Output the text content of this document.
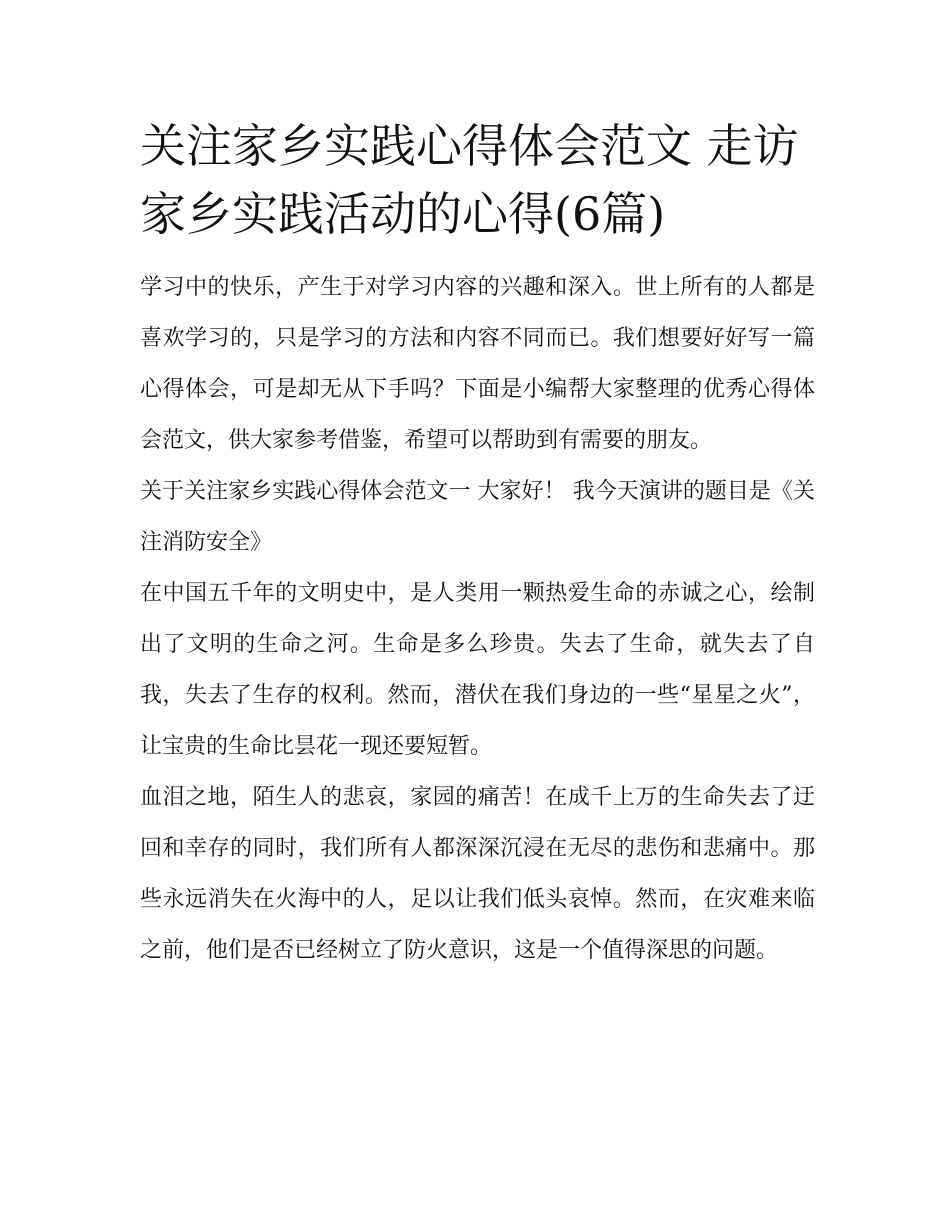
关注家乡实践心得体会范文 走访家乡实践活动的心得(6篇)

学习中的快乐，产生于对学习内容的兴趣和深入。世上所有的人都是喜欢学习的，只是学习的方法和内容不同而已。我们想要好好写一篇心得体会，可是却无从下手吗？下面是小编帮大家整理的优秀心得体会范文，供大家参考借鉴，希望可以帮助到有需要的朋友。

关于关注家乡实践心得体会范文一 大家好！ 我今天演讲的题目是《关注消防安全》

在中国五千年的文明史中，是人类用一颗热爱生命的赤诚之心，绘制出了文明的生命之河。生命是多么珍贵。失去了生命，就失去了自我，失去了生存的权利。然而，潜伏在我们身边的一些“星星之火”，让宝贵的生命比昙花一现还要短暂。

血泪之地，陌生人的悲哀，家园的痛苦！在成千上万的生命失去了迂回和幸存的同时，我们所有人都深深沉浸在无尽的悲伤和悲痛中。那些永远消失在火海中的人，足以让我们低头哀悼。然而，在灾难来临之前，他们是否已经树立了防火意识，这是一个值得深思的问题。
